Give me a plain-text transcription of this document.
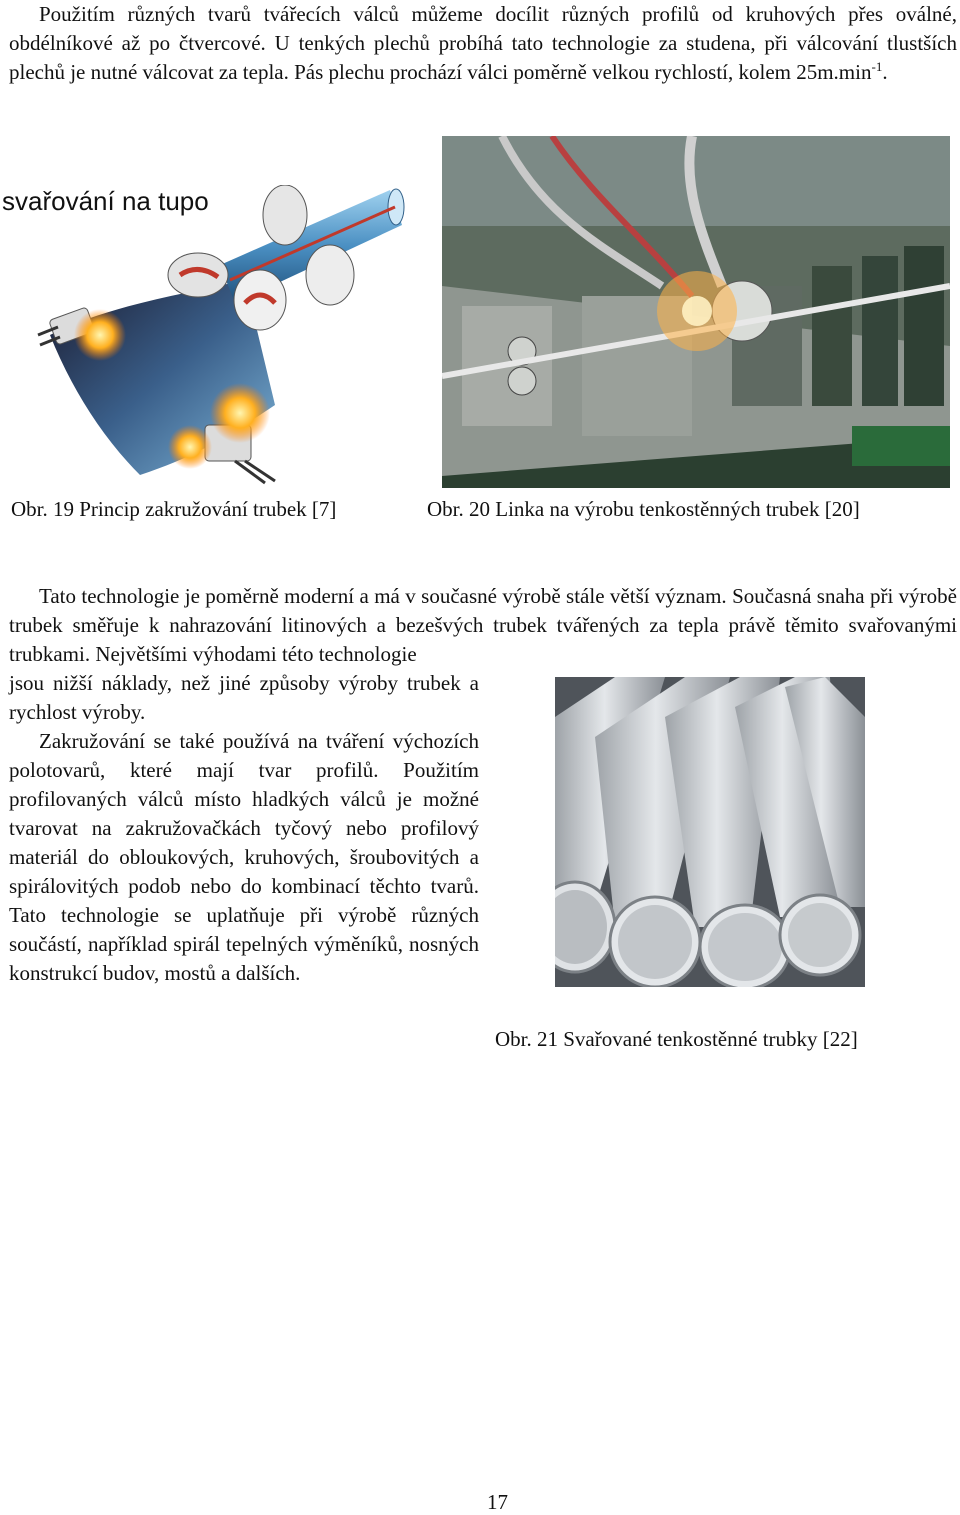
Použitím různých tvarů tvářecích válců můžeme docílit různých profilů od kruhových přes oválné, obdélníkové až po čtvercové. U tenkých plechů probíhá tato technologie za studena, při válcování tlustších plechů je nutné válcovat za tepla. Pás plechu prochází válci poměrně velkou rychlostí, kolem $25m.\min^{-1}$.

svařování na tupo
Obr. 19 Princip zakružování trubek [7]	Obr. 20 Linka na výrobu tenkostěnných trubek [20]

Tato technologie je poměrně moderní a má v současné výrobě stále větší význam. Současná snaha při výrobě trubek směřuje k nahrazování litinových a bezešvých trubek tvářených za tepla právě těmito svařovanými trubkami. Největšími výhodami této technologie

jsou nižší náklady, než jiné způsoby výroby trubek a rychlost výroby.

Zakružování se také používá na tváření výchozích polotovarů, které mají tvar profilů. Použitím profilovaných válců místo hladkých válců je možné tvarovat na zakružovačkách tyčový nebo profilový materiál do obloukových, kruhových, šroubovitých a spirálovitých podob nebo do kombinací těchto tvarů. Tato technologie se uplatňuje při výrobě různých součástí, například spirál tepelných výměníků, nosných konstrukcí budov, mostů a dalších.

Obr. 21 Svařované tenkostěnné trubky [22]
17
